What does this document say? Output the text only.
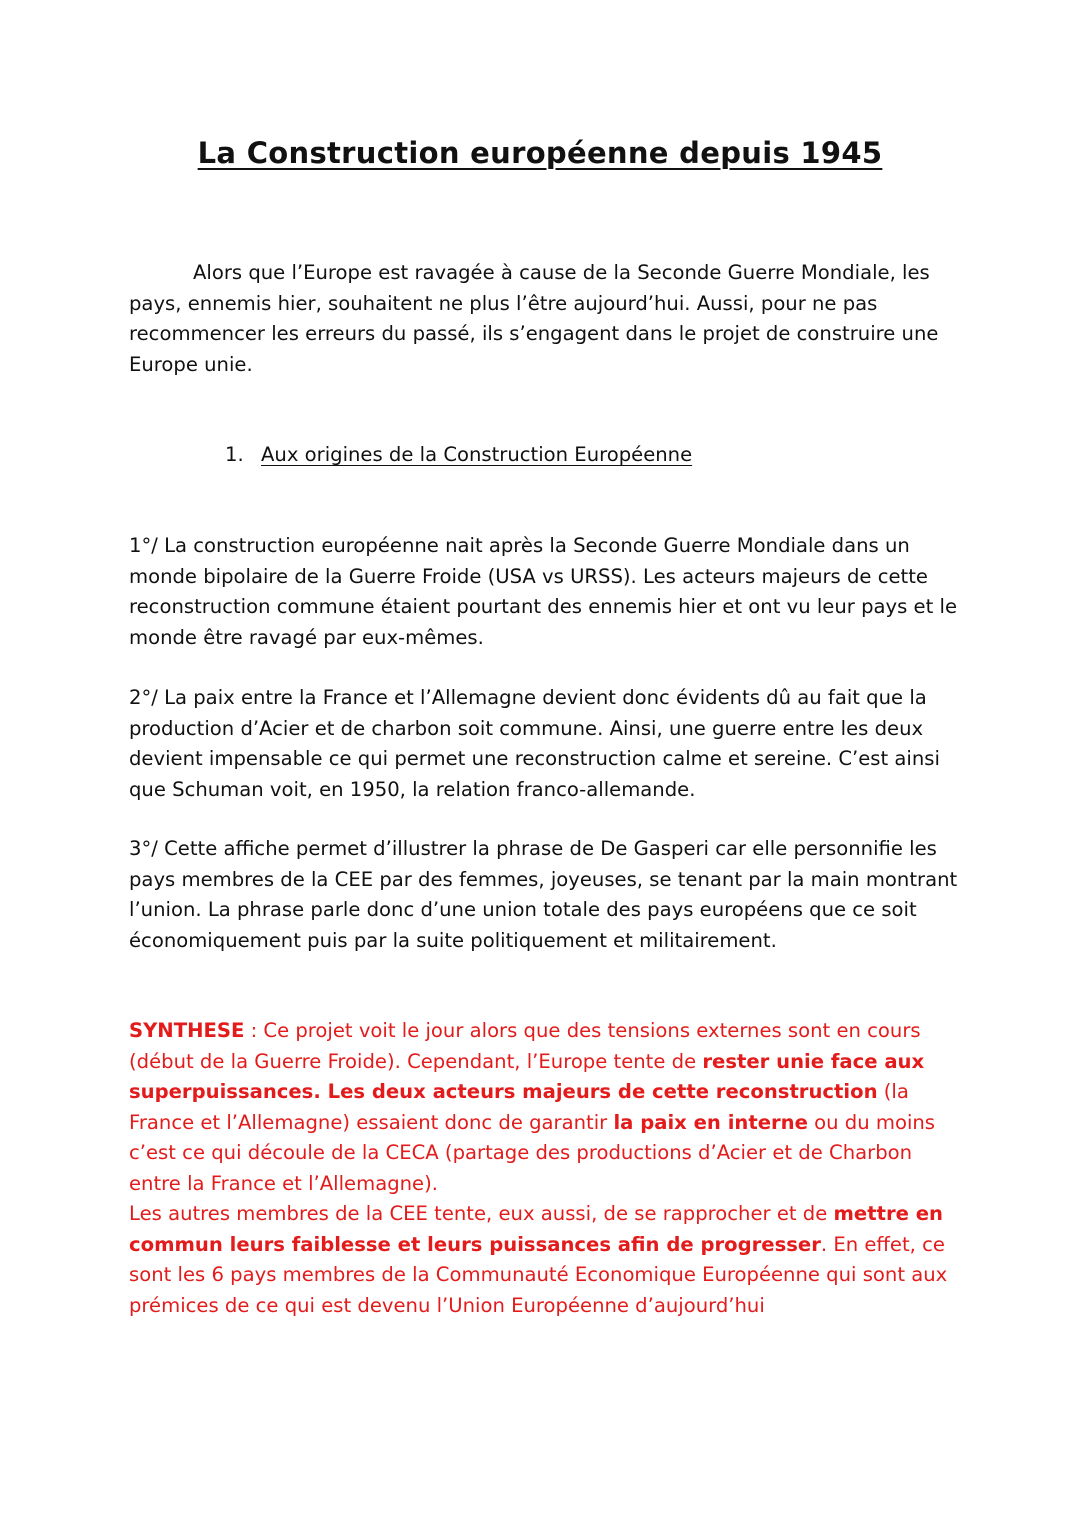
La Construction européenne depuis 1945

Alors que l’Europe est ravagée à cause de la Seconde Guerre Mondiale, les pays, ennemis hier, souhaitent ne plus l’être aujourd’hui. Aussi, pour ne pas recommencer les erreurs du passé, ils s’engagent dans le projet de construire une Europe unie.

1. Aux origines de la Construction Européenne

1°/ La construction européenne nait après la Seconde Guerre Mondiale dans un monde bipolaire de la Guerre Froide (USA vs URSS). Les acteurs majeurs de cette reconstruction commune étaient pourtant des ennemis hier et ont vu leur pays et le monde être ravagé par eux-mêmes.

2°/ La paix entre la France et l’Allemagne devient donc évidents dû au fait que la production d’Acier et de charbon soit commune. Ainsi, une guerre entre les deux devient impensable ce qui permet une reconstruction calme et sereine. C’est ainsi que Schuman voit, en 1950, la relation franco-allemande.

3°/ Cette affiche permet d’illustrer la phrase de De Gasperi car elle personnifie les pays membres de la CEE par des femmes, joyeuses, se tenant par la main montrant l’union. La phrase parle donc d’une union totale des pays européens que ce soit économiquement puis par la suite politiquement et militairement.

SYNTHESE : Ce projet voit le jour alors que des tensions externes sont en cours (début de la Guerre Froide). Cependant, l’Europe tente de rester unie face aux superpuissances. Les deux acteurs majeurs de cette reconstruction (la France et l’Allemagne) essaient donc de garantir la paix en interne ou du moins c’est ce qui découle de la CECA (partage des productions d’Acier et de Charbon entre la France et l’Allemagne).
Les autres membres de la CEE tente, eux aussi, de se rapprocher et de mettre en commun leurs faiblesse et leurs puissances afin de progresser. En effet, ce sont les 6 pays membres de la Communauté Economique Européenne qui sont aux prémices de ce qui est devenu l’Union Européenne d’aujourd’hui
